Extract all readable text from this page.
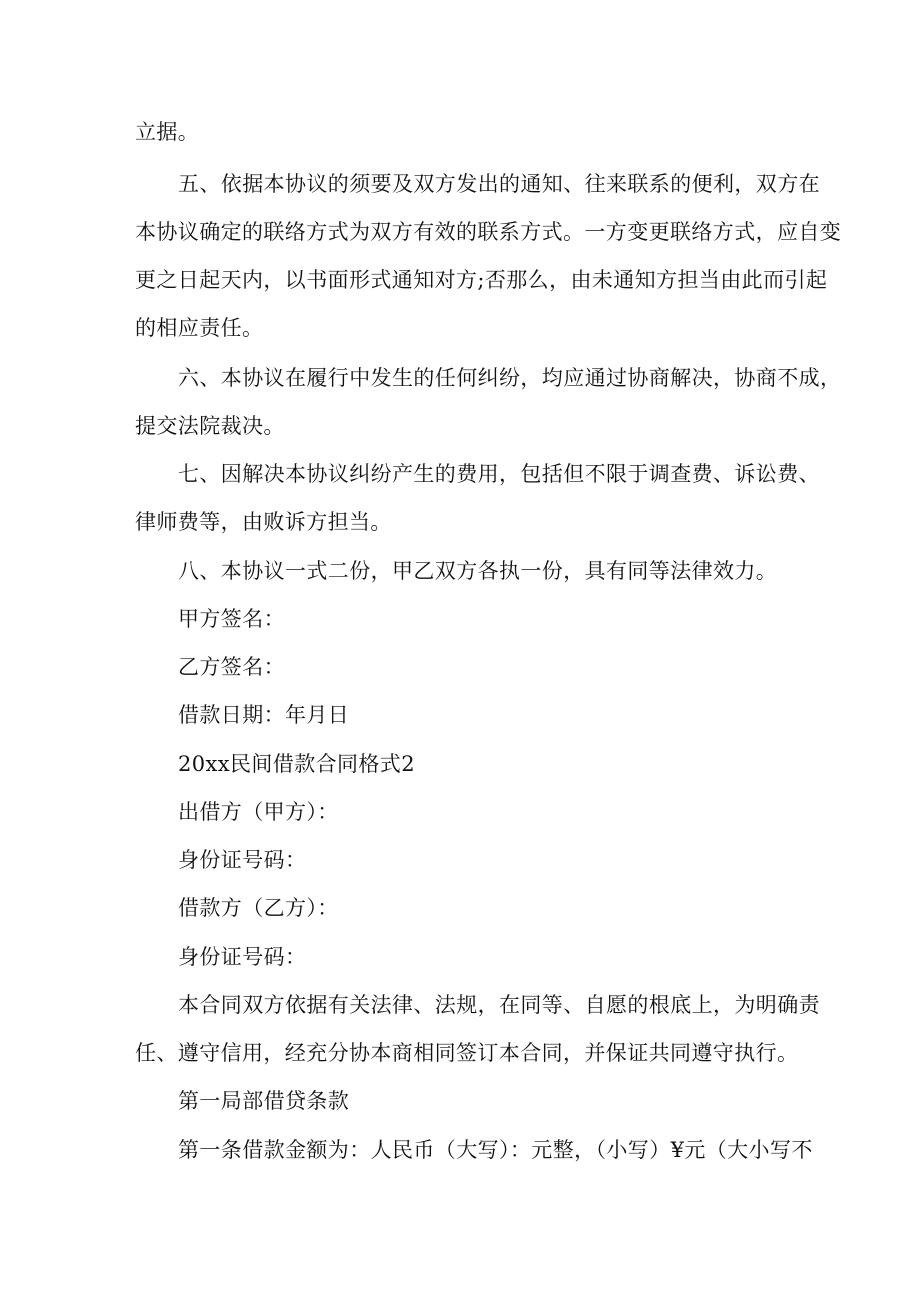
立据。
五、依据本协议的须要及双方发出的通知、往来联系的便利，双方在
本协议确定的联络方式为双方有效的联系方式。一方变更联络方式，应自变
更之日起天内，以书面形式通知对方;否那么，由未通知方担当由此而引起
的相应责任。
六、本协议在履行中发生的任何纠纷，均应通过协商解决，协商不成，
提交法院裁决。
七、因解决本协议纠纷产生的费用，包括但不限于调查费、诉讼费、
律师费等，由败诉方担当。
八、本协议一式二份，甲乙双方各执一份，具有同等法律效力。
甲方签名：
乙方签名：
借款日期：年月日
20xx民间借款合同格式2
出借方（甲方）：
身份证号码：
借款方（乙方）：
身份证号码：
本合同双方依据有关法律、法规，在同等、自愿的根底上，为明确责
任、遵守信用，经充分协本商相同签订本合同，并保证共同遵守执行。
第一局部借贷条款
第一条借款金额为：人民币（大写）：元整，（小写）¥元（大小写不
